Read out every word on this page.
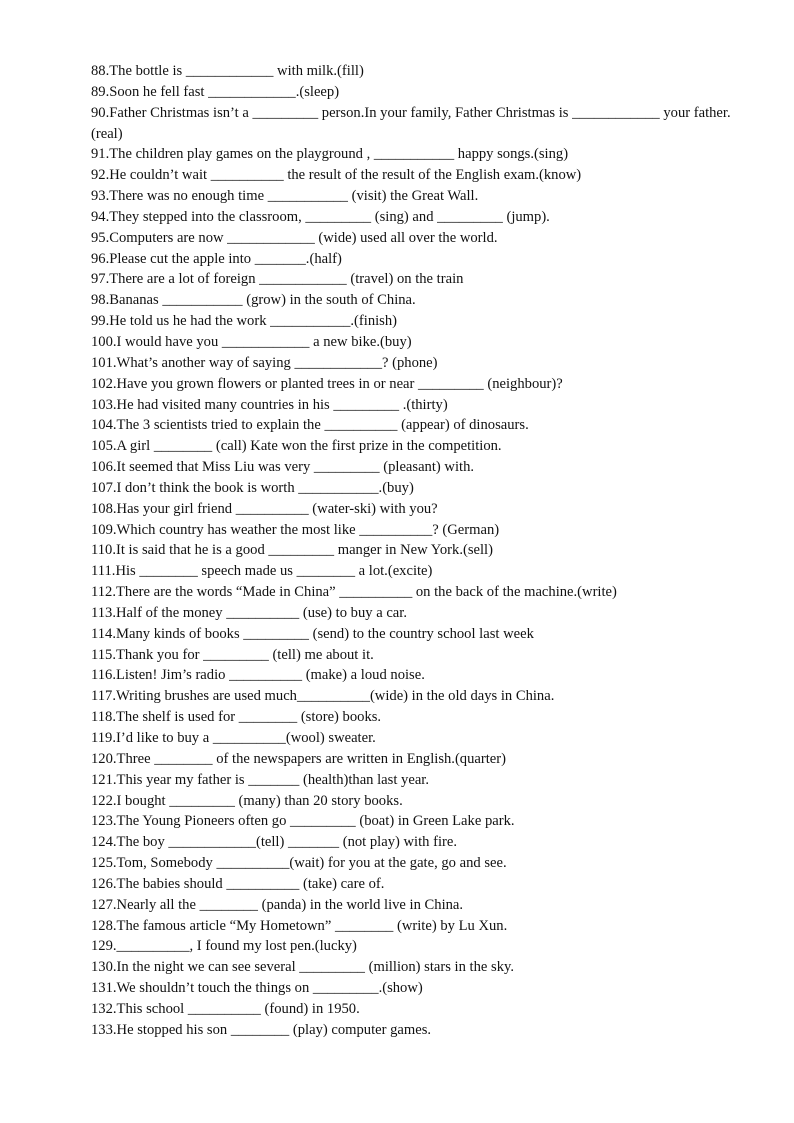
88.The bottle is ____________ with milk.(fill)

89.Soon he fell fast ____________.(sleep)

90.Father Christmas isn’t a _________ person.In your family, Father Christmas is ____________ your father.(real)

91.The children play games on the playground , ___________ happy songs.(sing)

92.He couldn’t wait __________ the result of the result of the English exam.(know)

93.There was no enough time ___________ (visit) the Great Wall.

94.They stepped into the classroom, _________ (sing) and _________ (jump).

95.Computers are now ____________ (wide) used all over the world.

96.Please cut the apple into _______.(half)

97.There are a lot of foreign ____________ (travel) on the train

98.Bananas ___________ (grow) in the south of China.

99.He told us he had the work ___________.(finish)

100.I would have you ____________ a new bike.(buy)

101.What’s another way of saying ____________? (phone)

102.Have you grown flowers or planted trees in or near _________ (neighbour)?

103.He had visited many countries in his _________ .(thirty)

104.The 3 scientists tried to explain the __________ (appear) of dinosaurs.

105.A girl ________ (call) Kate won the first prize in the competition.

106.It seemed that Miss Liu was very _________ (pleasant) with.

107.I don’t think the book is worth ___________.(buy)

108.Has your girl friend __________ (water-ski) with you?

109.Which country has weather the most like __________? (German)

110.It is said that he is a good _________ manger in New York.(sell)

111.His ________ speech made us ________ a lot.(excite)

112.There are the words “Made in China” __________ on the back of the machine.(write)

113.Half of the money __________ (use) to buy a car.

114.Many kinds of books _________ (send) to the country school last week

115.Thank you for _________ (tell) me about it.

116.Listen! Jim’s radio __________ (make) a loud noise.

117.Writing brushes are used much__________(wide) in the old days in China.

118.The shelf is used for ________ (store) books.

119.I’d like to buy a __________(wool) sweater.

120.Three ________ of the newspapers are written in English.(quarter)

121.This year my father is _______ (health)than last year.

122.I bought _________ (many) than 20 story books.

123.The Young Pioneers often go _________ (boat) in Green Lake park.

124.The boy ____________(tell) _______ (not play) with fire.

125.Tom, Somebody __________(wait) for you at the gate, go and see.

126.The babies should __________ (take) care of.

127.Nearly all the ________ (panda) in the world live in China.

128.The famous article “My Hometown” ________ (write) by Lu Xun.

129.__________, I found my lost pen.(lucky)

130.In the night we can see several _________ (million) stars in the sky.

131.We shouldn’t touch the things on _________.(show)

132.This school __________ (found) in 1950.

133.He stopped his son ________ (play) computer games.
